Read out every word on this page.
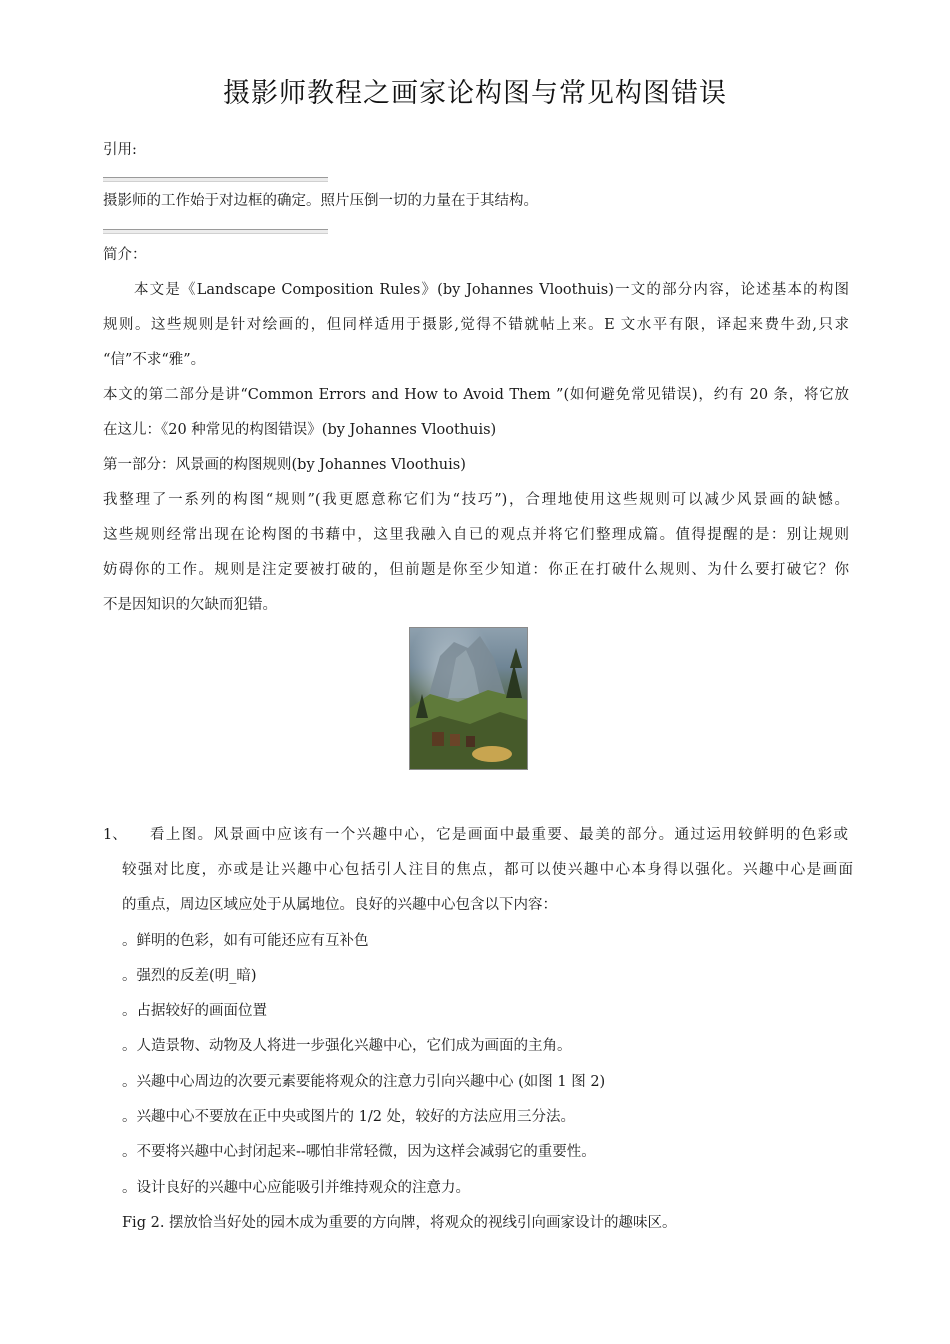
摄影师教程之画家论构图与常见构图错误
引用:
摄影师的工作始于对边框的确定。照片压倒一切的力量在于其结构。
简介：
本文是《Landscape Composition Rules》(by Johannes Vloothuis)一文的部分内容，论述基本的构图
规则。这些规则是针对绘画的，但同样适用于摄影,觉得不错就帖上来。E 文水平有限，译起来费牛劲,只求
“信”不求“雅”。
本文的第二部分是讲“Common Errors and How to Avoid Them ”(如何避免常见错误)，约有 20 条，将它放
在这儿：《20 种常见的构图错误》(by Johannes Vloothuis)
第一部分：风景画的构图规则(by Johannes Vloothuis)
我整理了一系列的构图“规则”(我更愿意称它们为“技巧”)，合理地使用这些规则可以减少风景画的缺憾。
这些规则经常出现在论构图的书藉中，这里我融入自已的观点并将它们整理成篇。值得提醒的是：别让规则
妨碍你的工作。规则是注定要被打破的，但前题是你至少知道：你正在打破什么规则、为什么要打破它？你
不是因知识的欠缺而犯错。
1、 看上图。风景画中应该有一个兴趣中心，它是画面中最重要、最美的部分。通过运用较鲜明的色彩或
较强对比度，亦或是让兴趣中心包括引人注目的焦点，都可以使兴趣中心本身得以强化。兴趣中心是画面
的重点，周边区域应处于从属地位。良好的兴趣中心包含以下内容：
。鲜明的色彩，如有可能还应有互补色
。强烈的反差(明_暗)
。占据较好的画面位置
。人造景物、动物及人将进一步强化兴趣中心，它们成为画面的主角。
。兴趣中心周边的次要元素要能将观众的注意力引向兴趣中心 (如图 1 图 2)
。兴趣中心不要放在正中央或图片的 1/2 处，较好的方法应用三分法。
。不要将兴趣中心封闭起来--哪怕非常轻微，因为这样会减弱它的重要性。
。设计良好的兴趣中心应能吸引并维持观众的注意力。
Fig 2. 摆放恰当好处的园木成为重要的方向牌，将观众的视线引向画家设计的趣味区。
